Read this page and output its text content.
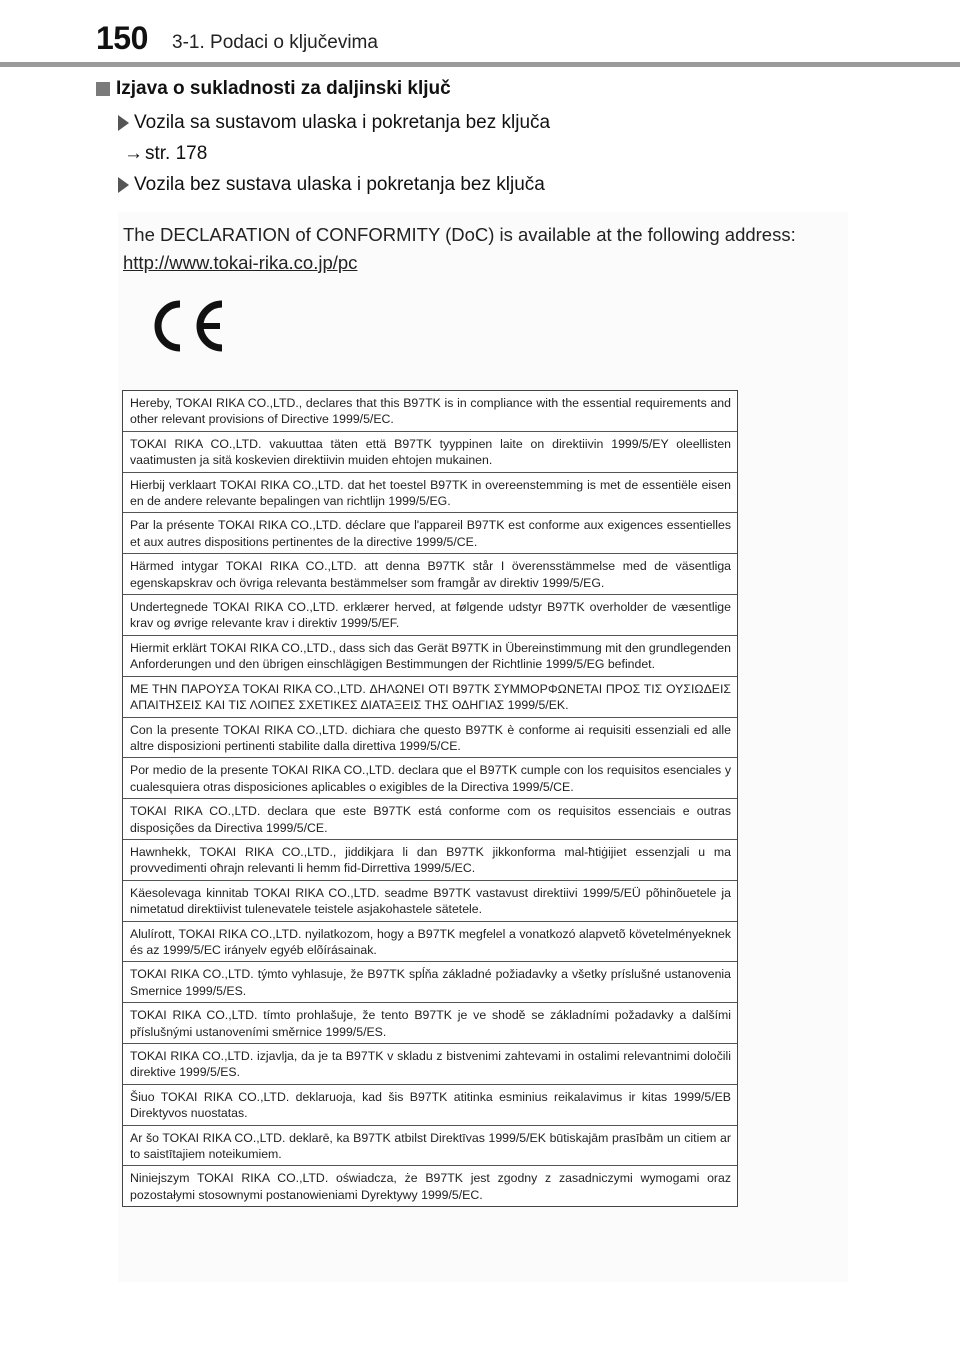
150 3-1. Podaci o ključevima
Izjava o sukladnosti za daljinski ključ
Vozila sa sustavom ulaska i pokretanja bez ključa
→ str. 178
Vozila bez sustava ulaska i pokretanja bez ključa
The DECLARATION of CONFORMITY (DoC) is available at the following address:
http://www.tokai-rika.co.jp/pc
Hereby, TOKAI RIKA CO.,LTD., declares that this B97TK is in compliance with the essential requirements and other relevant provisions of Directive 1999/5/EC.
TOKAI RIKA CO.,LTD. vakuuttaa täten että B97TK tyyppinen laite on direktiivin 1999/5/EY oleellisten vaatimusten ja sitä koskevien direktiivin muiden ehtojen mukainen.
Hierbij verklaart TOKAI RIKA CO.,LTD. dat het toestel B97TK in overeenstemming is met de essentiële eisen en de andere relevante bepalingen van richtlijn 1999/5/EG.
Par la présente TOKAI RIKA CO.,LTD. déclare que l'appareil B97TK est conforme aux exigences essentielles et aux autres dispositions pertinentes de la directive 1999/5/CE.
Härmed intygar TOKAI RIKA CO.,LTD. att denna B97TK står I överensstämmelse med de väsentliga egenskapskrav och övriga relevanta bestämmelser som framgår av direktiv 1999/5/EG.
Undertegnede TOKAI RIKA CO.,LTD. erklærer herved, at følgende udstyr B97TK overholder de væsentlige krav og øvrige relevante krav i direktiv 1999/5/EF.
Hiermit erklärt TOKAI RIKA CO.,LTD., dass sich das Gerät B97TK in Übereinstimmung mit den grundlegenden Anforderungen und den übrigen einschlägigen Bestimmungen der Richtlinie 1999/5/EG befindet.
ΜΕ ΤΗΝ ΠΑΡΟΥΣΑ TOKAI RIKA CO.,LTD. ΔΗΛΩΝΕΙ ΟΤΙ B97TK ΣΥΜΜΟΡΦΩΝΕΤΑΙ ΠΡΟΣ ΤΙΣ ΟΥΣΙΩΔΕΙΣ ΑΠΑΙΤΗΣΕΙΣ ΚΑΙ ΤΙΣ ΛΟΙΠΕΣ ΣΧΕΤΙΚΕΣ ΔΙΑΤΑΞΕΙΣ ΤΗΣ ΟΔΗΓΙΑΣ 1999/5/ΕΚ.
Con la presente TOKAI RIKA CO.,LTD. dichiara che questo B97TK è conforme ai requisiti essenziali ed alle altre disposizioni pertinenti stabilite dalla direttiva 1999/5/CE.
Por medio de la presente TOKAI RIKA CO.,LTD. declara que el B97TK cumple con los requisitos esenciales y cualesquiera otras disposiciones aplicables o exigibles de la Directiva 1999/5/CE.
TOKAI RIKA CO.,LTD. declara que este B97TK está conforme com os requisitos essenciais e outras disposições da Directiva 1999/5/CE.
Hawnhekk, TOKAI RIKA CO.,LTD., jiddikjara li dan B97TK jikkonforma mal-ħtiġijiet essenzjali u ma provvedimenti oħrajn relevanti li hemm fid-Dirrettiva 1999/5/EC.
Käesolevaga kinnitab TOKAI RIKA CO.,LTD. seadme B97TK vastavust direktiivi 1999/5/EÜ põhinõuetele ja nimetatud direktiivist tulenevatele teistele asjakohastele sätetele.
Alulírott, TOKAI RIKA CO.,LTD. nyilatkozom, hogy a B97TK megfelel a vonatkozó alapvetõ követelményeknek és az 1999/5/EC irányelv egyéb elõírásainak.
TOKAI RIKA CO.,LTD. týmto vyhlasuje, že B97TK spĺňa základné požiadavky a všetky príslušné ustanovenia Smernice 1999/5/ES.
TOKAI RIKA CO.,LTD. tímto prohlašuje, že tento B97TK je ve shodě se základními požadavky a dalšími příslušnými ustanoveními směrnice 1999/5/ES.
TOKAI RIKA CO.,LTD. izjavlja, da je ta B97TK v skladu z bistvenimi zahtevami in ostalimi relevantnimi določili direktive 1999/5/ES.
Šiuo TOKAI RIKA CO.,LTD. deklaruoja, kad šis B97TK atitinka esminius reikalavimus ir kitas 1999/5/EB Direktyvos nuostatas.
Ar šo TOKAI RIKA CO.,LTD. deklarē, ka B97TK atbilst Direktīvas 1999/5/EK būtiskajām prasībām un citiem ar to saistītajiem noteikumiem.
Niniejszym TOKAI RIKA CO.,LTD. oświadcza, że B97TK jest zgodny z zasadniczymi wymogami oraz pozostałymi stosownymi postanowieniami Dyrektywy 1999/5/EC.
